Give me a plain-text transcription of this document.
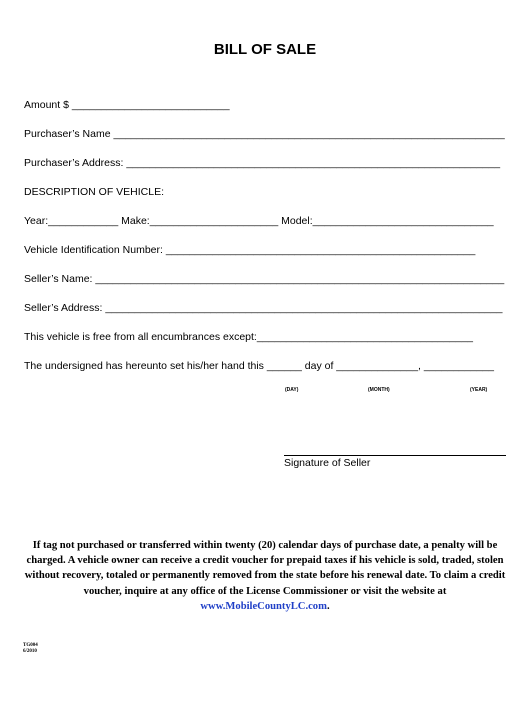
BILL OF SALE
Amount $ ___________________________
Purchaser’s Name ___________________________________________________________________
Purchaser’s Address: ________________________________________________________________
DESCRIPTION OF VEHICLE:
Year:____________ Make:______________________ Model:_______________________________
Vehicle Identification Number: _____________________________________________________
Seller’s Name: ______________________________________________________________________
Seller’s Address: ____________________________________________________________________
This vehicle is free from all encumbrances except:_____________________________________
The undersigned has hereunto set his/her hand this ______ day of ______________, ____________
(DAY)	(MONTH)	(YEAR)
Signature of Seller
If tag not purchased or transferred within twenty (20) calendar days of purchase date, a penalty will be charged. A vehicle owner can receive a credit voucher for prepaid taxes if his vehicle is sold, traded, stolen without recovery, totaled or permanently removed from the state before his renewal date. To claim a credit voucher, inquire at any office of the License Commissioner or visit the website at www.MobileCountyLC.com.
TG004
6/2010
